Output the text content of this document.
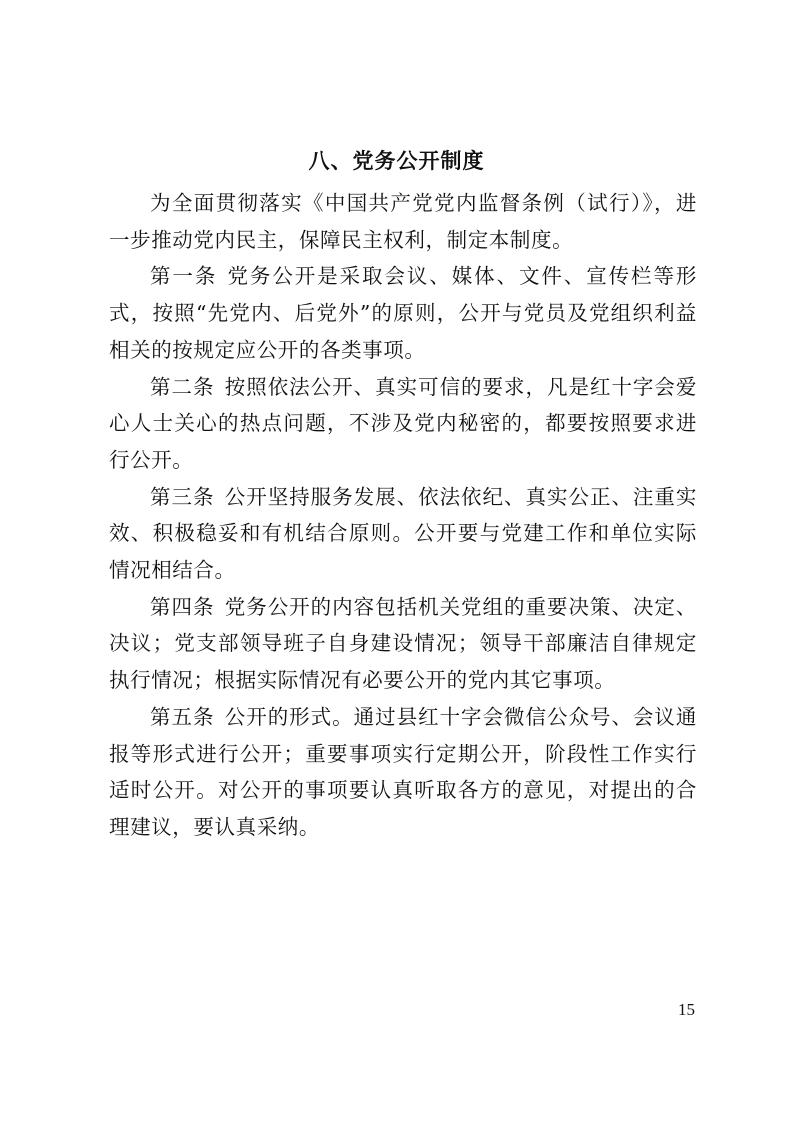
八、党务公开制度

为全面贯彻落实《中国共产党党内监督条例（试行）》，进一步推动党内民主，保障民主权利，制定本制度。

第一条 党务公开是采取会议、媒体、文件、宣传栏等形式，按照“先党内、后党外”的原则，公开与党员及党组织利益相关的按规定应公开的各类事项。

第二条 按照依法公开、真实可信的要求，凡是红十字会爱心人士关心的热点问题，不涉及党内秘密的，都要按照要求进行公开。

第三条 公开坚持服务发展、依法依纪、真实公正、注重实效、积极稳妥和有机结合原则。公开要与党建工作和单位实际情况相结合。

第四条 党务公开的内容包括机关党组的重要决策、决定、决议；党支部领导班子自身建设情况；领导干部廉洁自律规定执行情况；根据实际情况有必要公开的党内其它事项。

第五条 公开的形式。通过县红十字会微信公众号、会议通报等形式进行公开；重要事项实行定期公开，阶段性工作实行适时公开。对公开的事项要认真听取各方的意见，对提出的合理建议，要认真采纳。

15
